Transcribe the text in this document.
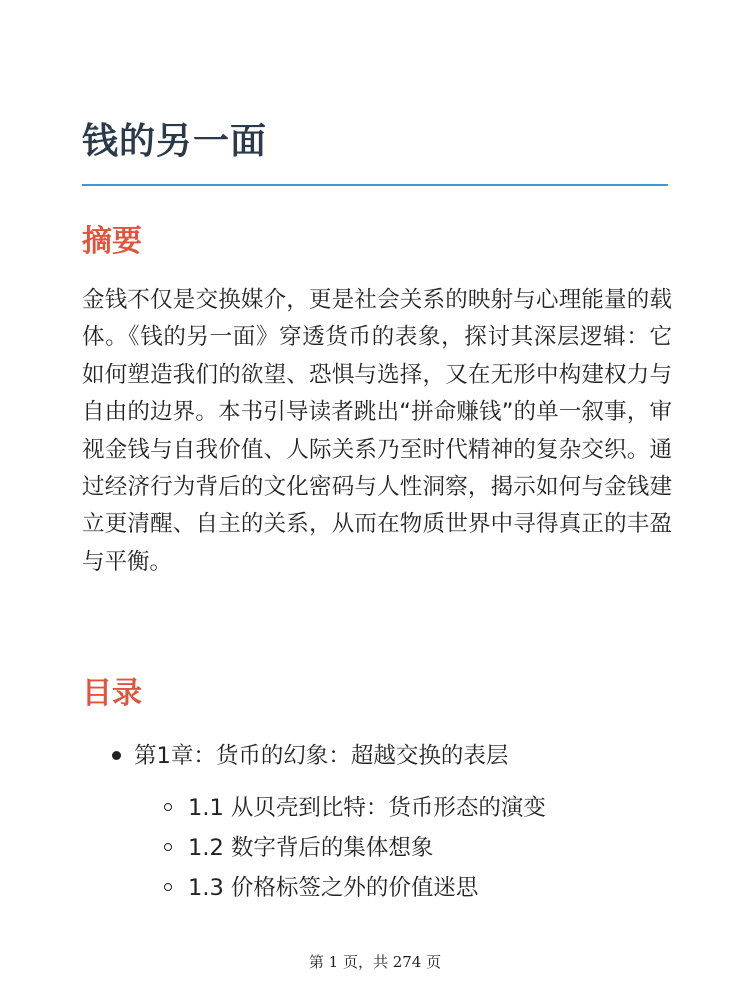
钱的另一面
摘要

金钱不仅是交换媒介，更是社会关系的映射与心理能量的载体。《钱的另一面》穿透货币的表象，探讨其深层逻辑：它如何塑造我们的欲望、恐惧与选择，又在无形中构建权力与自由的边界。本书引导读者跳出“拼命赚钱”的单一叙事，审视金钱与自我价值、人际关系乃至时代精神的复杂交织。通过经济行为背后的文化密码与人性洞察，揭示如何与金钱建立更清醒、自主的关系，从而在物质世界中寻得真正的丰盈与平衡。

目录
第1章：货币的幻象：超越交换的表层
1.1 从贝壳到比特：货币形态的演变
1.2 数字背后的集体想象
1.3 价格标签之外的价值迷思
第 1 页，共 274 页
